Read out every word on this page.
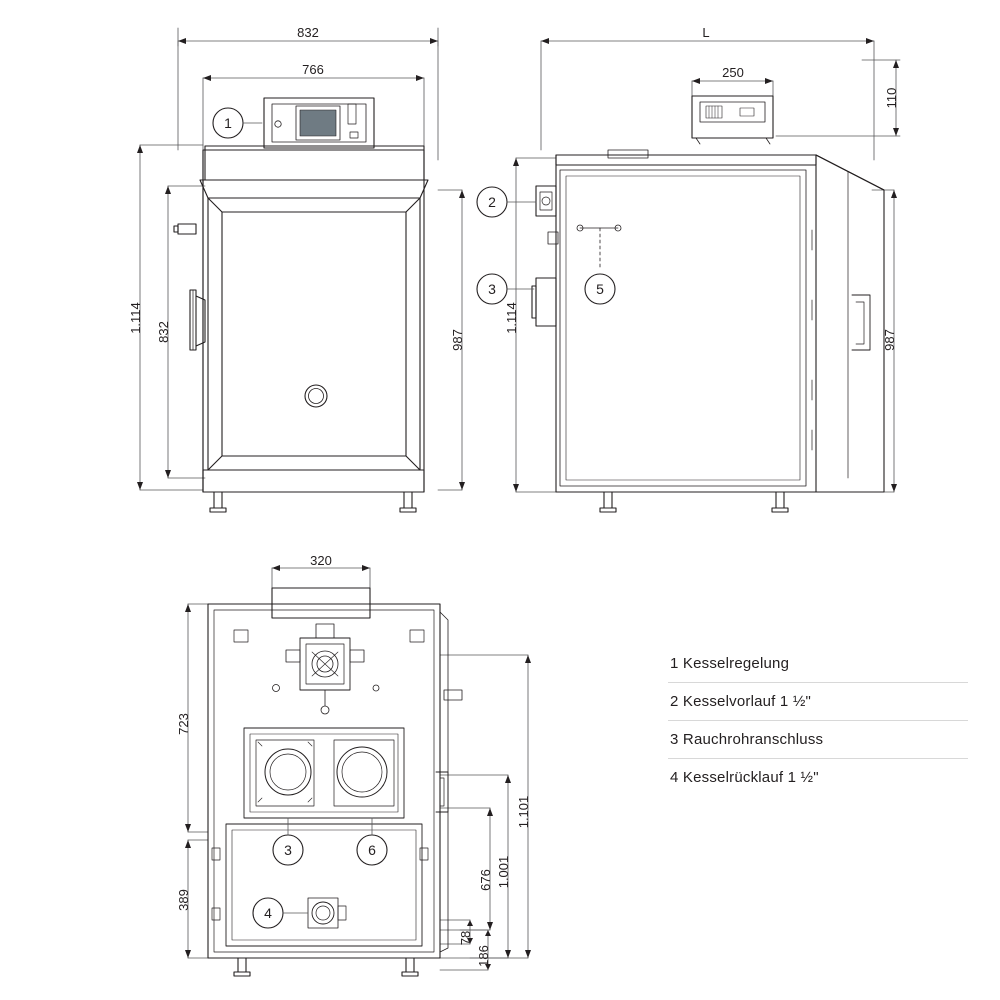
832
766
1.114 832	987
L
250
110
1.114
987
320
723
389
1.101
1.001
676
78
186
1
2
3	5
3	6
4
1 Kesselregelung
2 Kesselvorlauf 1 ½"
3 Rauchrohranschluss
4 Kesselrücklauf 1 ½"
